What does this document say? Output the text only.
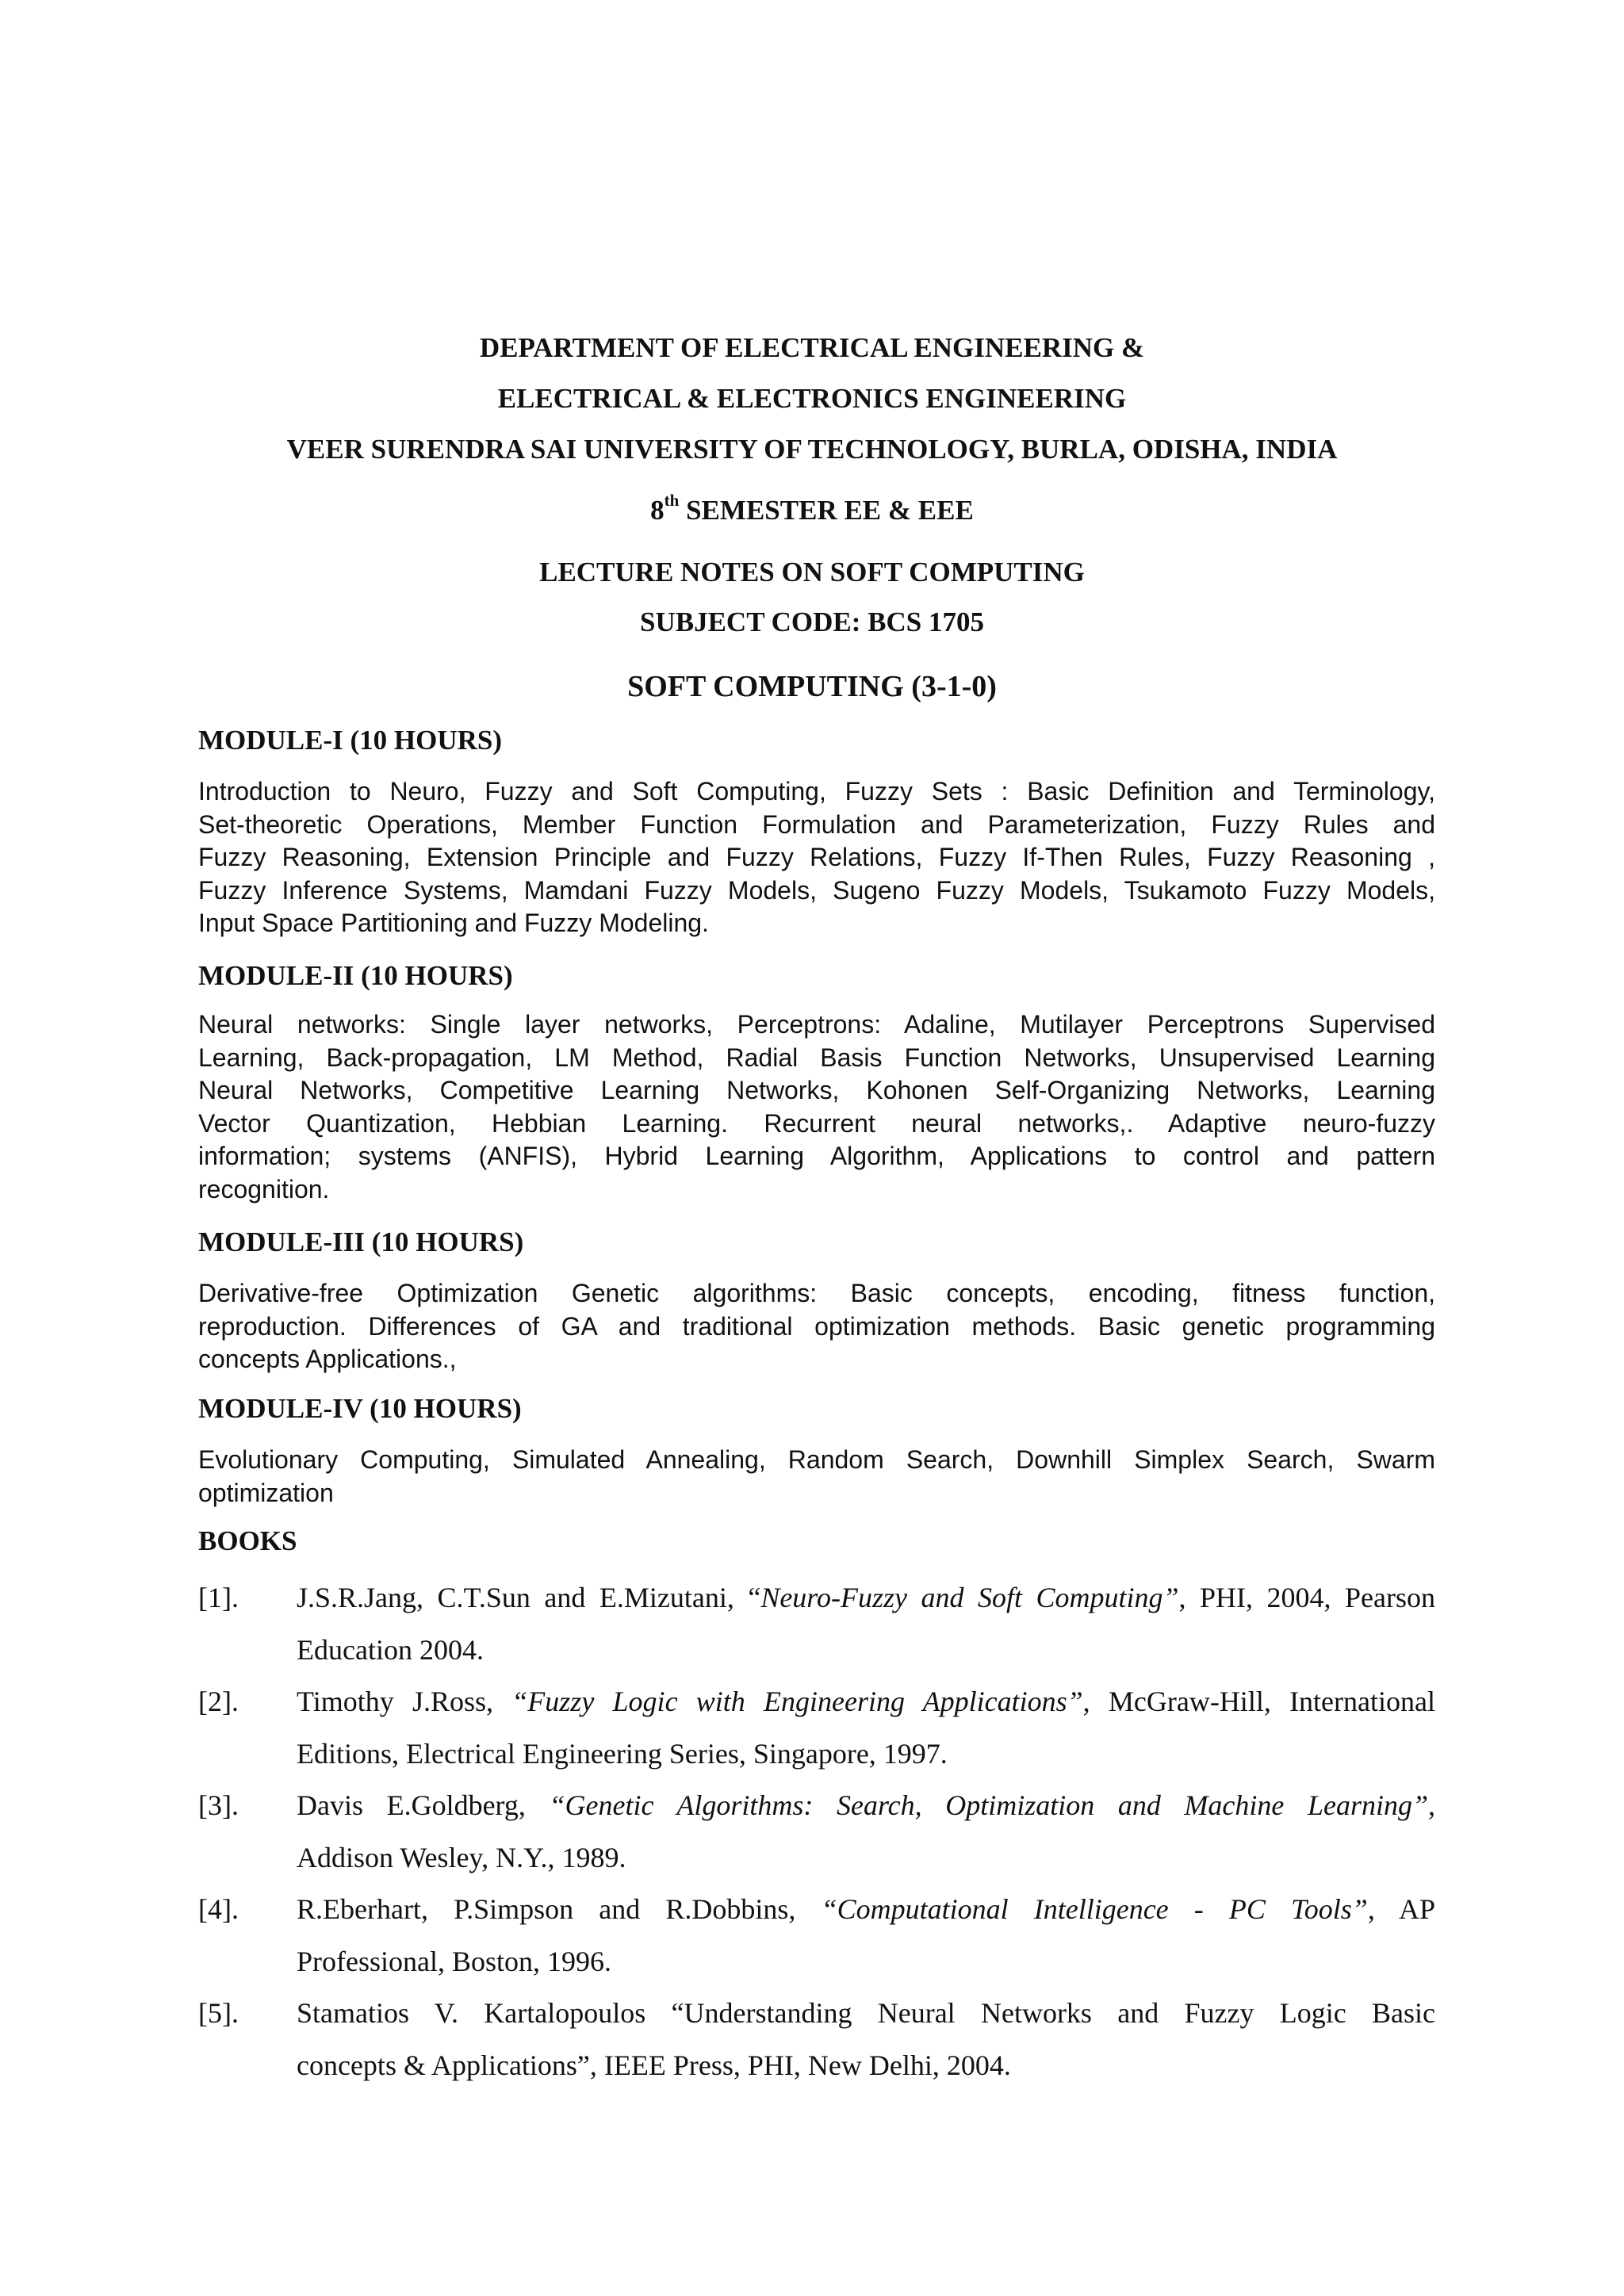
DEPARTMENT OF ELECTRICAL ENGINEERING &
ELECTRICAL & ELECTRONICS ENGINEERING
VEER SURENDRA SAI UNIVERSITY OF TECHNOLOGY, BURLA, ODISHA, INDIA
8th SEMESTER EE & EEE
LECTURE NOTES ON SOFT COMPUTING
SUBJECT CODE: BCS 1705
SOFT COMPUTING (3-1-0)
MODULE-I (10 HOURS)
Introduction to Neuro, Fuzzy and Soft Computing, Fuzzy Sets : Basic Definition and Terminology,
Set-theoretic Operations, Member Function Formulation and Parameterization, Fuzzy Rules and
Fuzzy Reasoning, Extension Principle and Fuzzy Relations, Fuzzy If-Then Rules, Fuzzy Reasoning ,
Fuzzy Inference Systems, Mamdani Fuzzy Models, Sugeno Fuzzy Models, Tsukamoto Fuzzy Models,
Input Space Partitioning and Fuzzy Modeling.
MODULE-II (10 HOURS)
Neural networks: Single layer networks, Perceptrons: Adaline, Mutilayer Perceptrons Supervised
Learning, Back-propagation, LM Method, Radial Basis Function Networks, Unsupervised Learning
Neural Networks, Competitive Learning Networks, Kohonen Self-Organizing Networks, Learning
Vector Quantization, Hebbian Learning. Recurrent neural networks,. Adaptive neuro-fuzzy
information; systems (ANFIS), Hybrid Learning Algorithm, Applications to control and pattern
recognition.
MODULE-III (10 HOURS)
Derivative-free Optimization Genetic algorithms: Basic concepts, encoding, fitness function,
reproduction. Differences of GA and traditional optimization methods. Basic genetic programming
concepts Applications.,
MODULE-IV (10 HOURS)
Evolutionary Computing, Simulated Annealing, Random Search, Downhill Simplex Search, Swarm
optimization
BOOKS
[1]. J.S.R.Jang, C.T.Sun and E.Mizutani, “Neuro-Fuzzy and Soft Computing”, PHI, 2004, Pearson
Education 2004.
[2]. Timothy J.Ross, “Fuzzy Logic with Engineering Applications”, McGraw-Hill, International
Editions, Electrical Engineering Series, Singapore, 1997.
[3]. Davis E.Goldberg, “Genetic Algorithms: Search, Optimization and Machine Learning”,
Addison Wesley, N.Y., 1989.
[4]. R.Eberhart, P.Simpson and R.Dobbins, “Computational Intelligence - PC Tools”, AP
Professional, Boston, 1996.
[5]. Stamatios V. Kartalopoulos “Understanding Neural Networks and Fuzzy Logic Basic
concepts & Applications”, IEEE Press, PHI, New Delhi, 2004.
